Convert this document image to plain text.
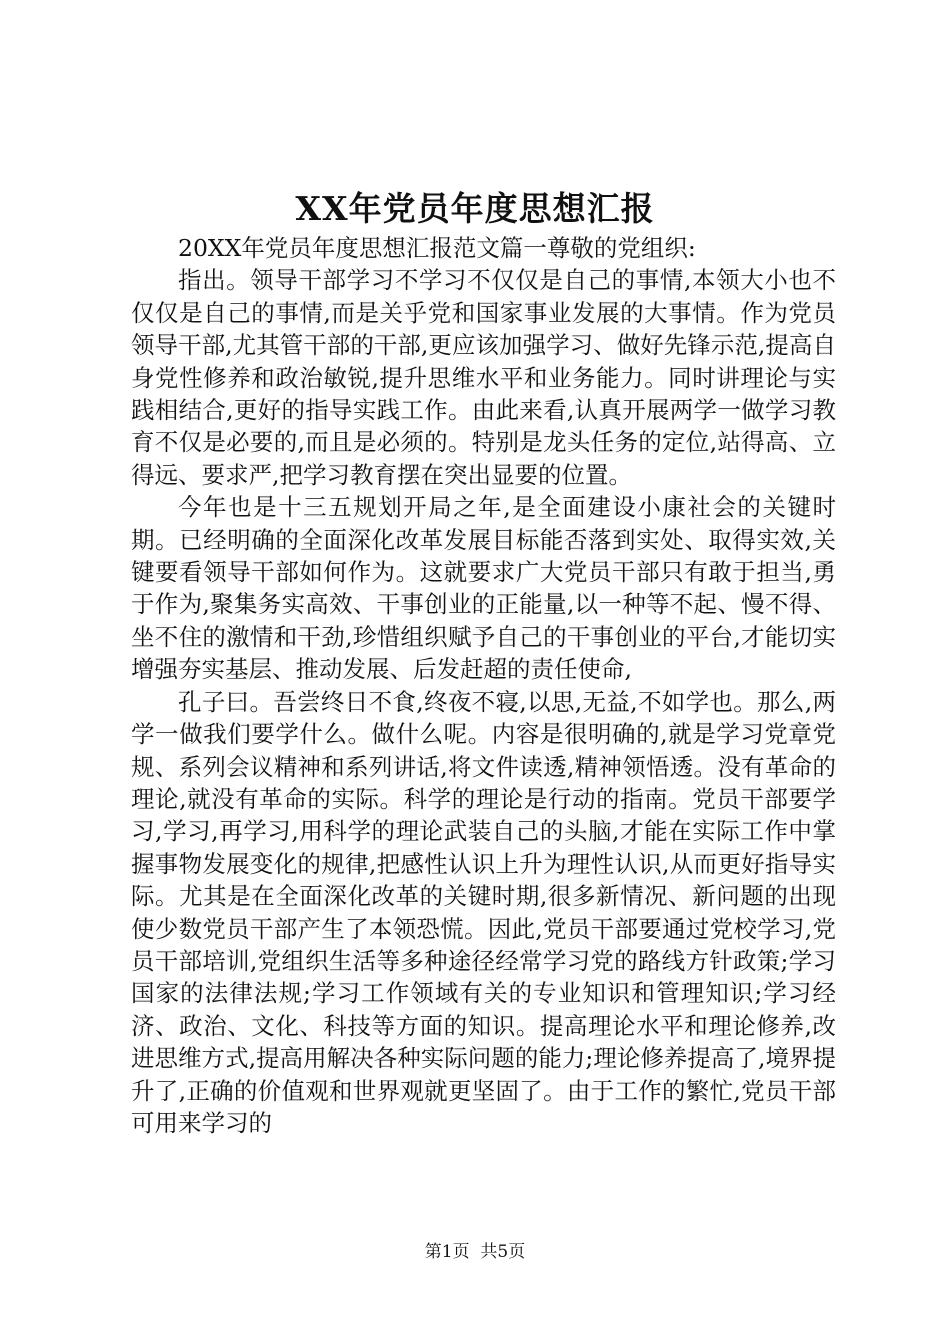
XX年党员年度思想汇报

20XX年党员年度思想汇报范文篇一尊敬的党组织:

指出。领导干部学习不学习不仅仅是自己的事情,本领大小也不仅仅是自己的事情,而是关乎党和国家事业发展的大事情。作为党员领导干部,尤其管干部的干部,更应该加强学习、做好先锋示范,提高自身党性修养和政治敏锐,提升思维水平和业务能力。同时讲理论与实践相结合,更好的指导实践工作。由此来看,认真开展两学一做学习教育不仅是必要的,而且是必须的。特别是龙头任务的定位,站得高、立得远、要求严,把学习教育摆在突出显要的位置。

今年也是十三五规划开局之年,是全面建设小康社会的关键时期。已经明确的全面深化改革发展目标能否落到实处、取得实效,关键要看领导干部如何作为。这就要求广大党员干部只有敢于担当,勇于作为,聚集务实高效、干事创业的正能量,以一种等不起、慢不得、坐不住的激情和干劲,珍惜组织赋予自己的干事创业的平台,才能切实增强夯实基层、推动发展、后发赶超的责任使命,

孔子曰。吾尝终日不食,终夜不寝,以思,无益,不如学也。那么,两学一做我们要学什么。做什么呢。内容是很明确的,就是学习党章党规、系列会议精神和系列讲话,将文件读透,精神领悟透。没有革命的理论,就没有革命的实际。科学的理论是行动的指南。党员干部要学习,学习,再学习,用科学的理论武装自己的头脑,才能在实际工作中掌握事物发展变化的规律,把感性认识上升为理性认识,从而更好指导实际。尤其是在全面深化改革的关键时期,很多新情况、新问题的出现使少数党员干部产生了本领恐慌。因此,党员干部要通过党校学习,党员干部培训,党组织生活等多种途径经常学习党的路线方针政策;学习国家的法律法规;学习工作领域有关的专业知识和管理知识;学习经济、政治、文化、科技等方面的知识。提高理论水平和理论修养,改进思维方式,提高用解决各种实际问题的能力;理论修养提高了,境界提升了,正确的价值观和世界观就更坚固了。由于工作的繁忙,党员干部可用来学习的

第1页 共5页
